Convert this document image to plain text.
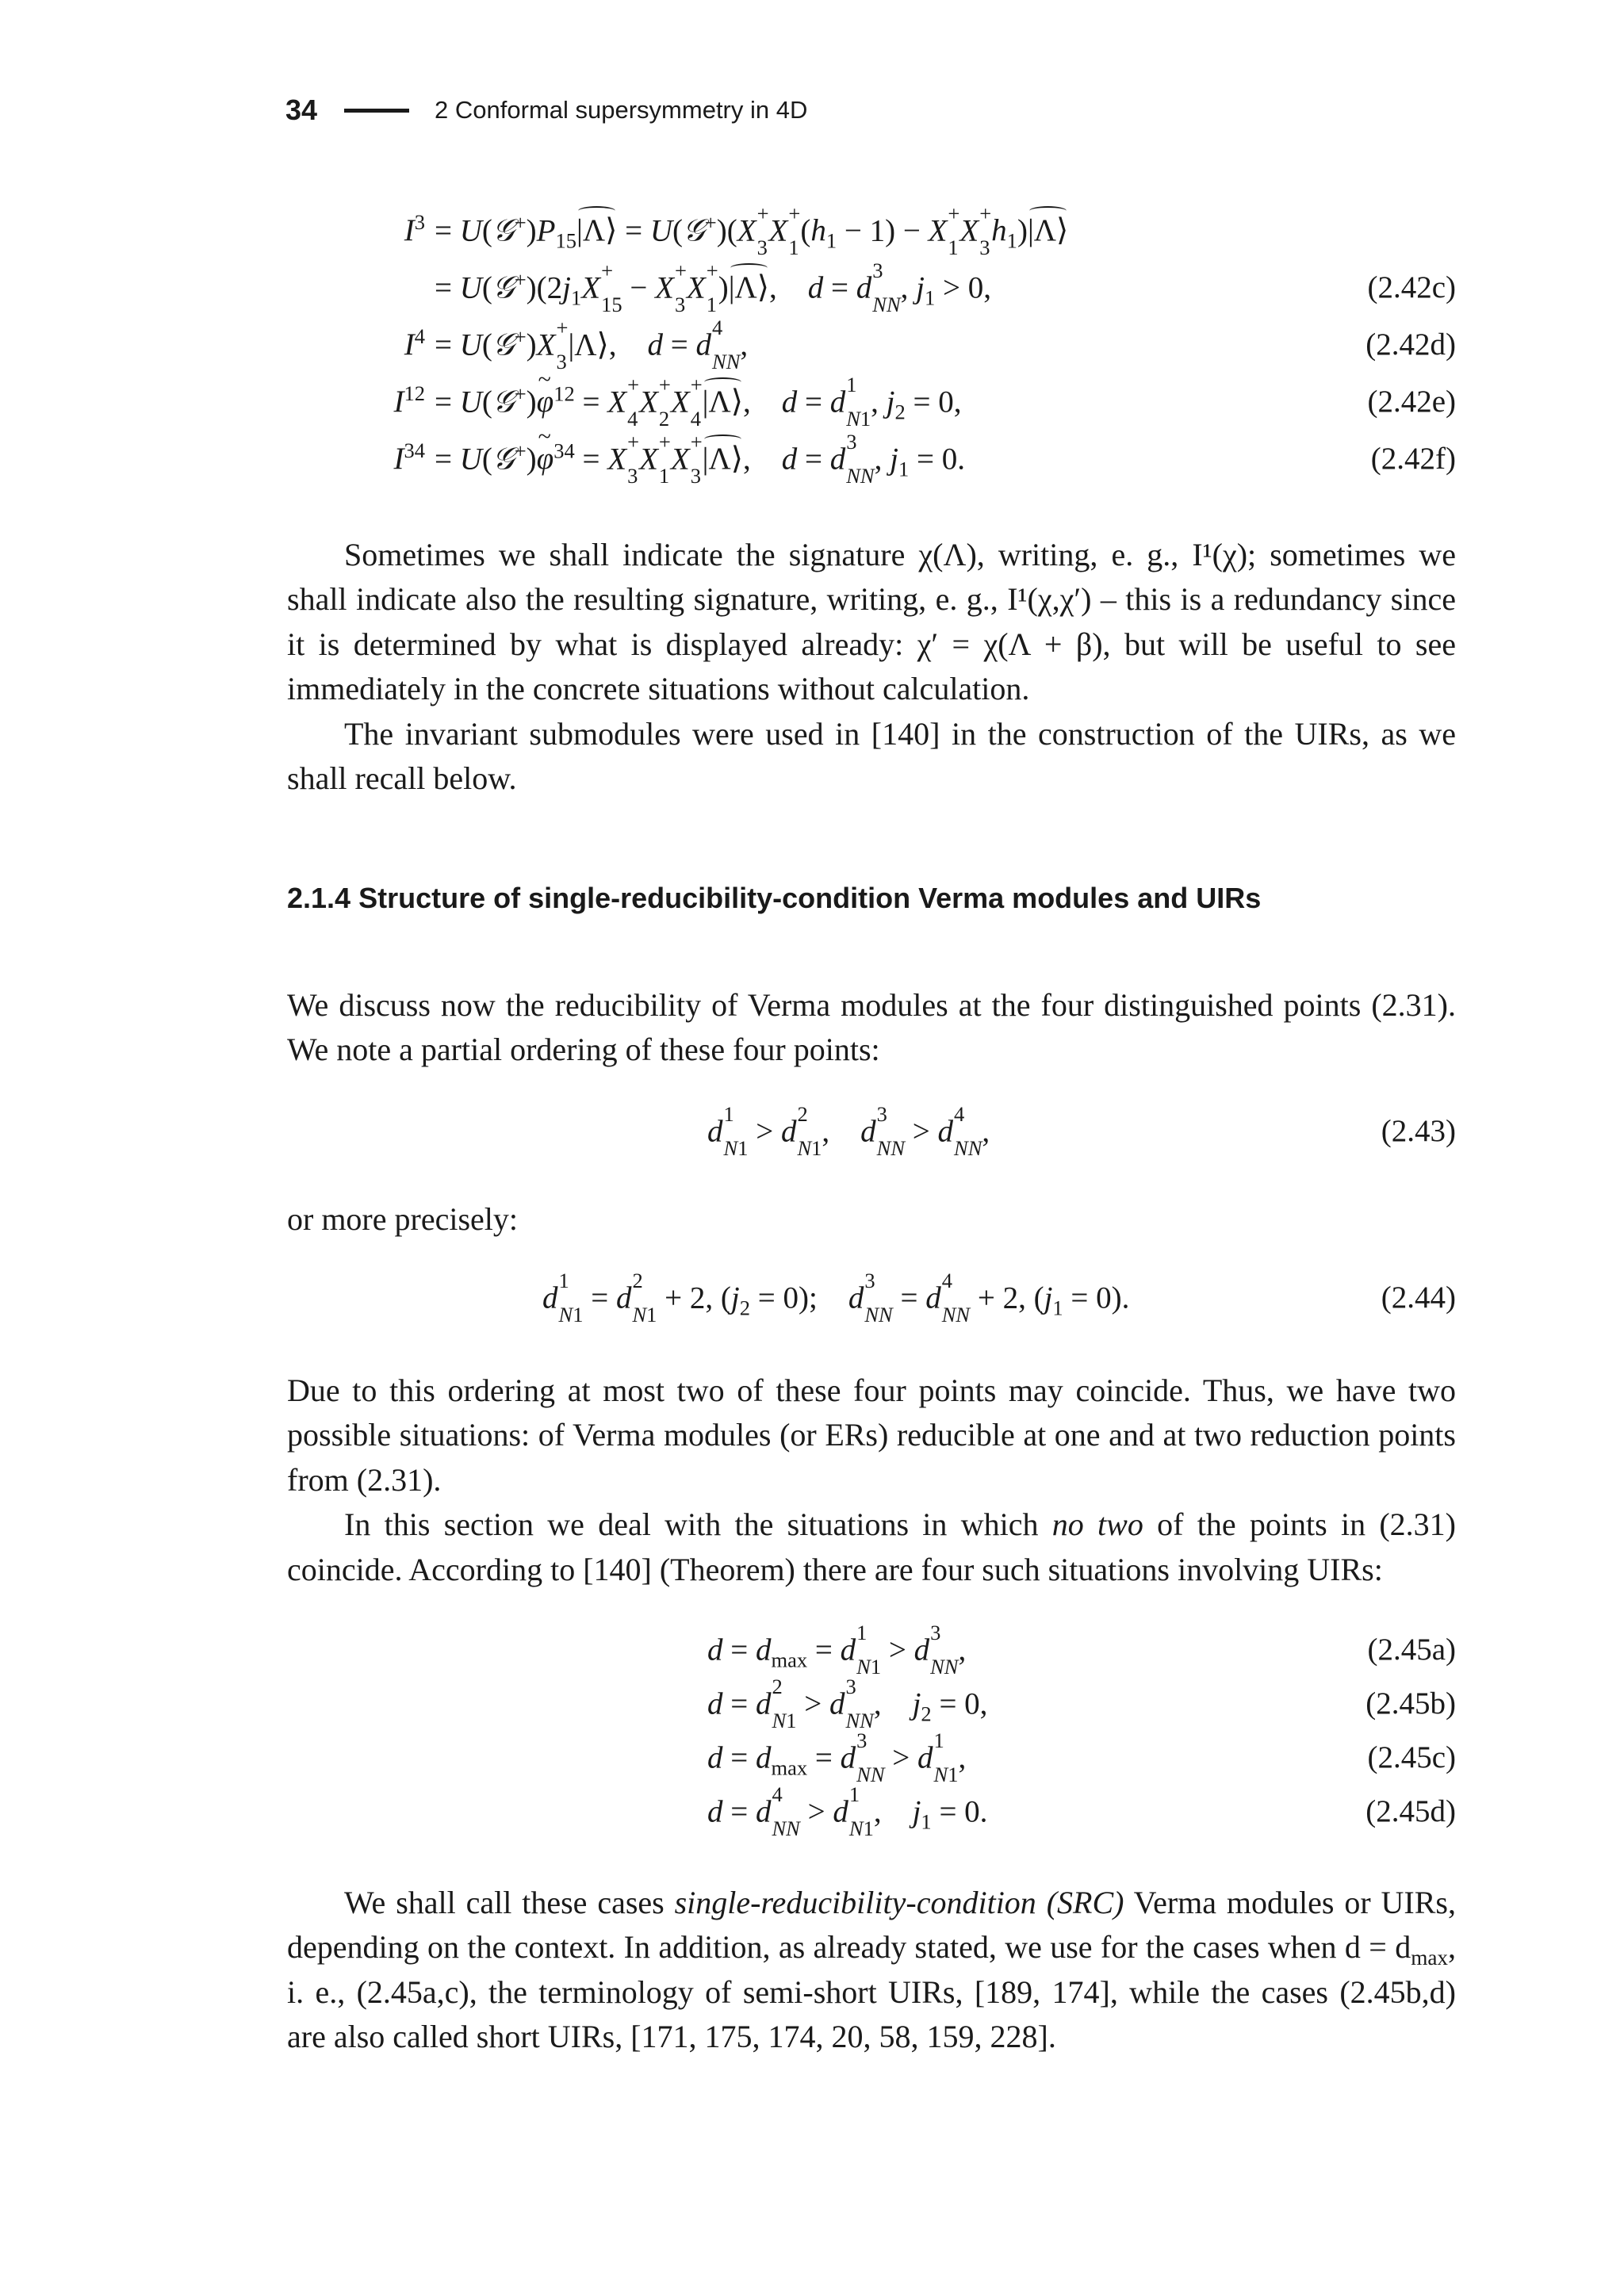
34	2 Conformal supersymmetry in 4D
$I^3$ = $U(𝒢^+)P_{15}|\Lambda⟩$ = U(𝒢+)(X
+
3 X
+
1 $(h_1 - 1) - X$
+
1 X
+
3 $h_1)|\Lambda⟩$
= $U(𝒢^+)(2j_1X$
+
15 − X
+
3 X
+
1 )|Λ⟩,    d = d
3
NN , $j_1 > 0$,	(2.42c)
$I^4$ = U(𝒢+)X
+
3 |Λ⟩,    d = d
4
NN ,	(2.42d)
$I^{12}$ = U(𝒢+)~ $\varphi^{12} = X$
+
4 X
+
2 X
+
4 |Λ⟩,    d = d
1
N1 , $j_2 = 0$,	(2.42e)
$I^{34}$ = U(𝒢+)~ $\varphi^{34} = X$
+
3 X
+
1 X
+
3 |Λ⟩,    d = d
3
NN , $j_1 = 0$.	(2.42f)

Sometimes we shall indicate the signature χ(Λ), writing, e. g., I¹(χ); sometimes we shall indicate also the resulting signature, writing, e. g., I¹(χ,χ′) – this is a redundancy since it is determined by what is displayed already: χ′ = χ(Λ + β), but will be useful to see immediately in the concrete situations without calculation.

The invariant submodules were used in [140] in the construction of the UIRs, as we shall recall below.

2.1.4 Structure of single-reducibility-condition Verma modules and UIRs

We discuss now the reducibility of Verma modules at the four distinguished points (2.31). We note a partial ordering of these four points:

d
1
N1 > d
2
N1 ,    d
3
NN > d
4
NN ,	(2.43)

or more precisely:

d
1
N1 = d
2
N1 + 2, $(j_2 = 0)$;    d
3
NN = d
4
NN + 2, $(j_1 = 0)$.	(2.44)

Due to this ordering at most two of these four points may coincide. Thus, we have two possible situations: of Verma modules (or ERs) reducible at one and at two reduction points from (2.31).

In this section we deal with the situations in which no two of the points in (2.31) coincide. According to [140] (Theorem) there are four such situations involving UIRs:

$d = d_{max} = d$
1
N1 > d
3
NN ,	(2.45a)
d = d
2
N1 > d
3
NN ,    $j_2 = 0$,	(2.45b)
$d = d_{max} = d$
3
NN > d
1
N1 ,	(2.45c)
d = d
4
NN > d
1
N1 ,    $j_1 = 0$.	(2.45d)

We shall call these cases single-reducibility-condition (SRC) Verma modules or UIRs, depending on the context. In addition, as already stated, we use for the cases when $d = d_{max}$, i. e., (2.45a,c), the terminology of semi-short UIRs, [189, 174], while the cases (2.45b,d) are also called short UIRs, [171, 175, 174, 20, 58, 159, 228].
